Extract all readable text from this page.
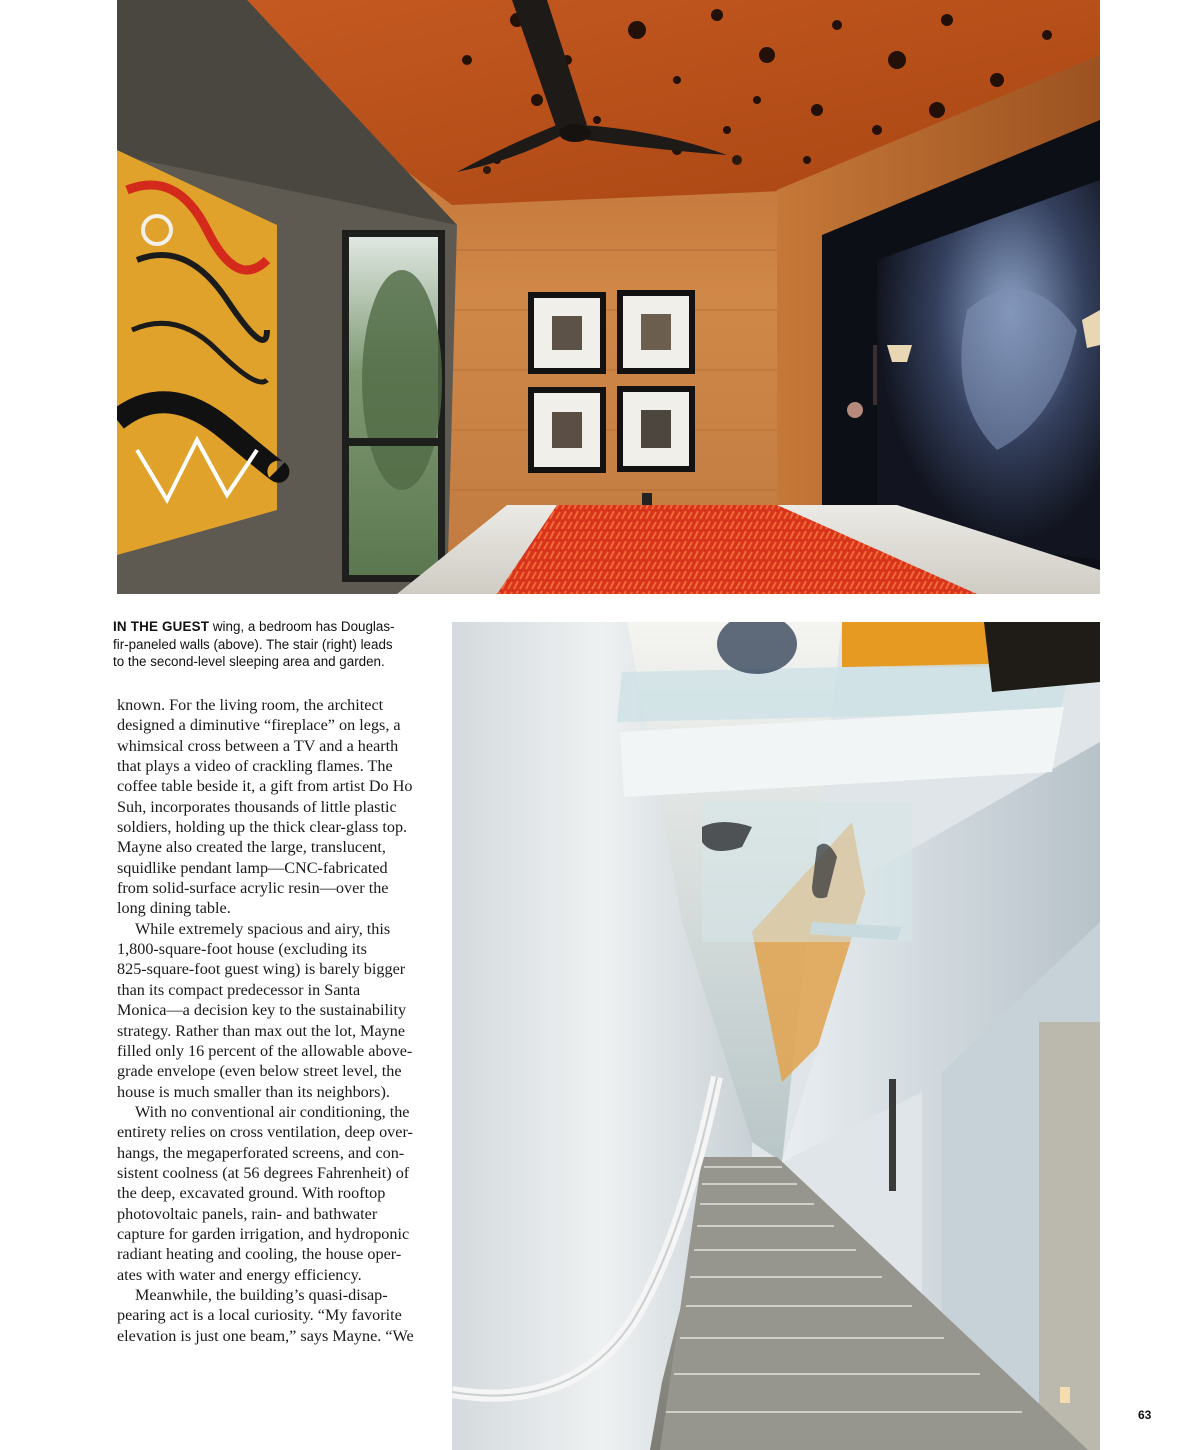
IN THE GUEST wing, a bedroom has Douglas-
fir-paneled walls (above). The stair (right) leads
to the second-level sleeping area and garden.
known. For the living room, the architect
designed a diminutive “fireplace” on legs, a
whimsical cross between a TV and a hearth
that plays a video of crackling flames. The
coffee table beside it, a gift from artist Do Ho
Suh, incorporates thousands of little plastic
soldiers, holding up the thick clear-glass top.
Mayne also created the large, translucent,
squidlike pendant lamp—CNC-fabricated
from solid-surface acrylic resin—over the
long dining table.
While extremely spacious and airy, this
1,800-square-foot house (excluding its
825-square-foot guest wing) is barely bigger
than its compact predecessor in Santa
Monica—a decision key to the sustainability
strategy. Rather than max out the lot, Mayne
filled only 16 percent of the allowable above-
grade envelope (even below street level, the
house is much smaller than its neighbors).
With no conventional air conditioning, the
entirety relies on cross ventilation, deep over-
hangs, the megaperforated screens, and con-
sistent coolness (at 56 degrees Fahrenheit) of
the deep, excavated ground. With rooftop
photovoltaic panels, rain- and bathwater
capture for garden irrigation, and hydroponic
radiant heating and cooling, the house oper-
ates with water and energy efficiency.
Meanwhile, the building’s quasi-disap-
pearing act is a local curiosity. “My favorite
elevation is just one beam,” says Mayne. “We
63
